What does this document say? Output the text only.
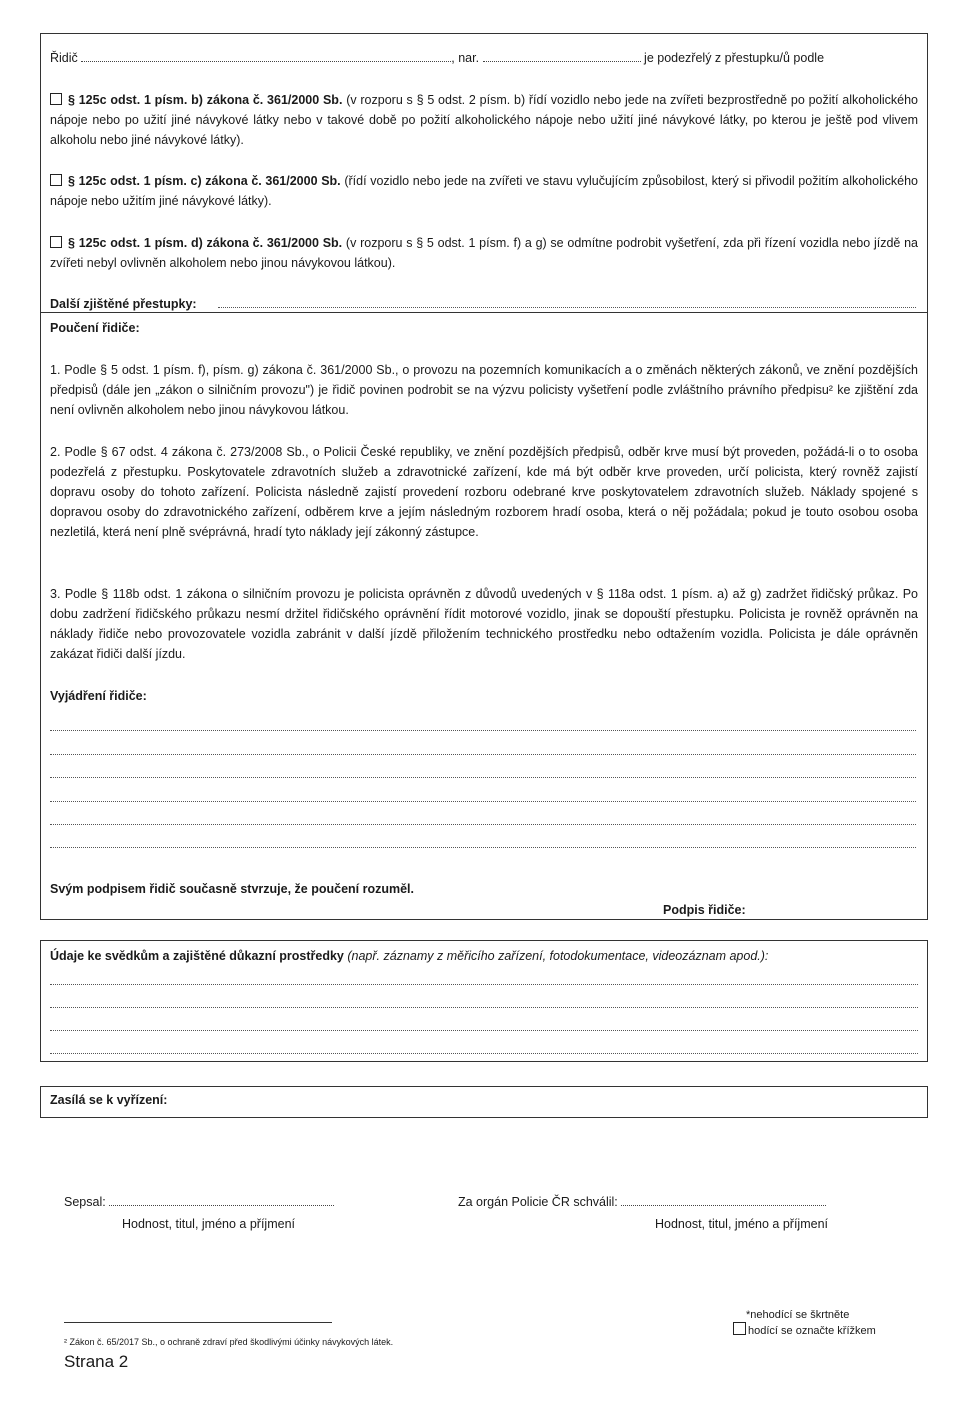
Řidič	, nar.	je podezřelý z přestupku/ů podle
§ 125c odst. 1 písm. b) zákona č. 361/2000 Sb. (v rozporu s § 5 odst. 2 písm. b) řídí vozidlo nebo jede na zvířeti bezprostředně po požití alkoholického nápoje nebo po užití jiné návykové látky nebo v takové době po požití alkoholického nápoje nebo užití jiné návykové látky, po kterou je ještě pod vlivem alkoholu nebo jiné návykové látky).
§ 125c odst. 1 písm. c) zákona č. 361/2000 Sb. (řídí vozidlo nebo jede na zvířeti ve stavu vylučujícím způsobilost, který si přivodil požitím alkoholického nápoje nebo užitím jiné návykové látky).
§ 125c odst. 1 písm. d) zákona č. 361/2000 Sb. (v rozporu s § 5 odst. 1 písm. f) a g) se odmítne podrobit vyšetření, zda při řízení vozidla nebo jízdě na zvířeti nebyl ovlivněn alkoholem nebo jinou návykovou látkou).
Další zjištěné přestupky:
Poučení řidiče:
1. Podle § 5 odst. 1 písm. f), písm. g) zákona č. 361/2000 Sb., o provozu na pozemních komunikacích a o změnách některých zákonů, ve znění pozdějších předpisů (dále jen „zákon o silničním provozu") je řidič povinen podrobit se na výzvu policisty vyšetření podle zvláštního právního předpisu² ke zjištění zda není ovlivněn alkoholem nebo jinou návykovou látkou.
2. Podle § 67 odst. 4 zákona č. 273/2008 Sb., o Policii České republiky, ve znění pozdějších předpisů, odběr krve musí být proveden, požádá-li o to osoba podezřelá z přestupku. Poskytovatele zdravotních služeb a zdravotnické zařízení, kde má být odběr krve proveden, určí policista, který rovněž zajistí dopravu osoby do tohoto zařízení. Policista následně zajistí provedení rozboru odebrané krve poskytovatelem zdravotních služeb. Náklady spojené s dopravou osoby do zdravotnického zařízení, odběrem krve a jejím následným rozborem hradí osoba, která o něj požádala; pokud je touto osobou osoba nezletilá, která není plně svéprávná, hradí tyto náklady její zákonný zástupce.
3. Podle § 118b odst. 1 zákona o silničním provozu je policista oprávněn z důvodů uvedených v § 118a odst. 1 písm. a) až g) zadržet řidičský průkaz. Po dobu zadržení řidičského průkazu nesmí držitel řidičského oprávnění řídit motorové vozidlo, jinak se dopouští přestupku. Policista je rovněž oprávněn na náklady řidiče nebo provozovatele vozidla zabránit v další jízdě přiložením technického prostředku nebo odtažením vozidla. Policista je dále oprávněn zakázat řidiči další jízdu.
Vyjádření řidiče:
Svým podpisem řidič současně stvrzuje, že poučení rozuměl.
Podpis řidiče:
Údaje ke svědkům a zajištěné důkazní prostředky (např. záznamy z měřicího zařízení, fotodokumentace, videozáznam apod.):
Zasílá se k vyřízení:
Sepsal:
Hodnost, titul, jméno a příjmení
Za orgán Policie ČR schválil:
Hodnost, titul, jméno a příjmení
² Zákon č. 65/2017 Sb., o ochraně zdraví před škodlivými účinky návykových látek.
*nehodící se škrtněte
hodící se označte křížkem
Strana 2
